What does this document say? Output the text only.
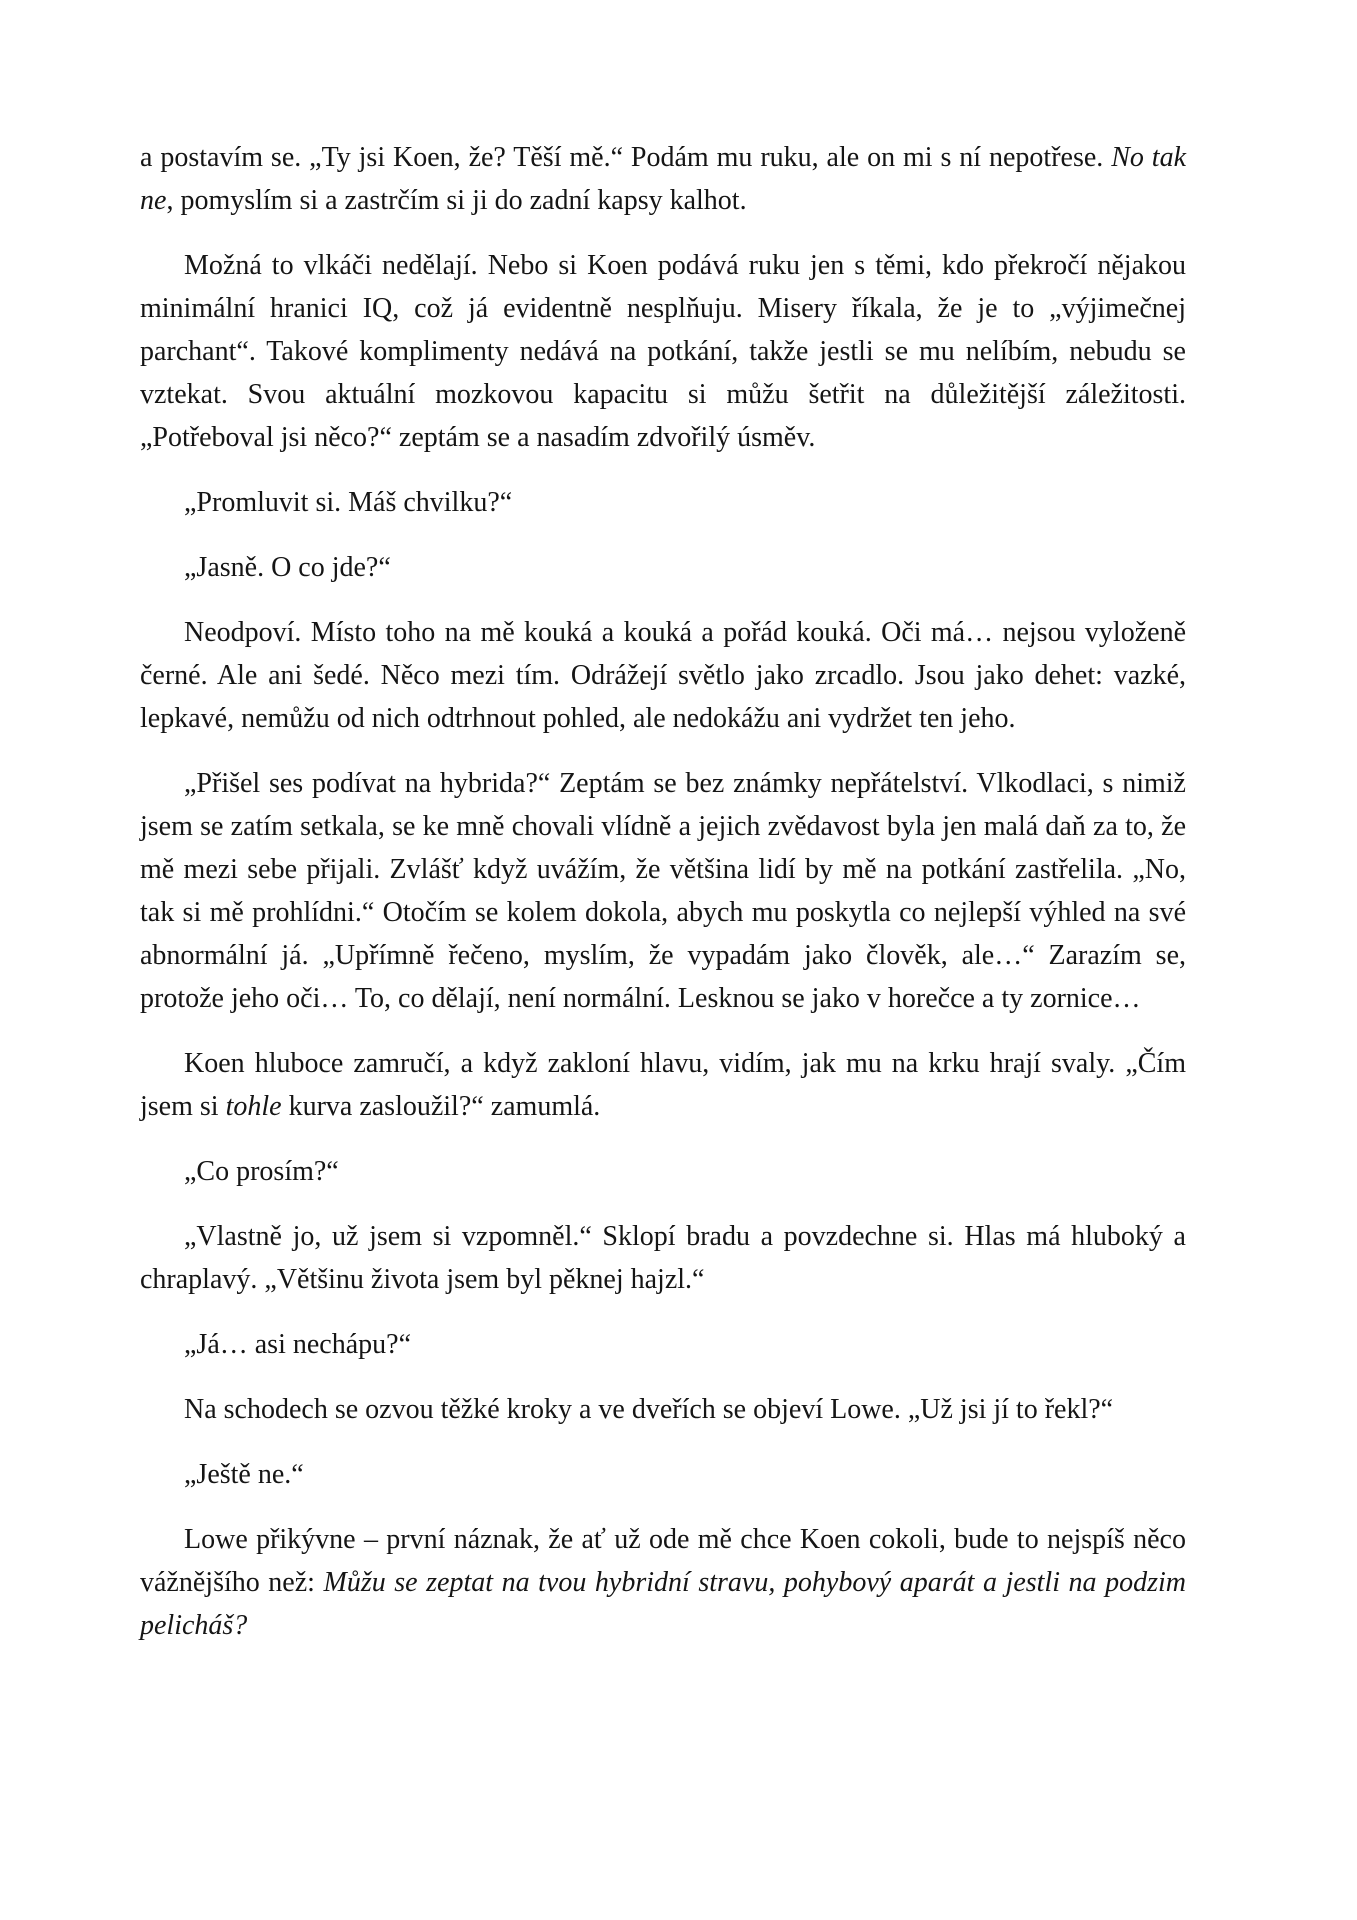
a postavím se. „Ty jsi Koen, že? Těší mě.“ Podám mu ruku, ale on mi s ní nepotřese. No tak ne, pomyslím si a zastrčím si ji do zadní kapsy kalhot.

Možná to vlkáči nedělají. Nebo si Koen podává ruku jen s těmi, kdo překročí nějakou minimální hranici IQ, což já evidentně nesplňuju. Misery říkala, že je to „výjimečnej parchant“. Takové komplimenty nedává na potkání, takže jestli se mu nelíbím, nebudu se vztekat. Svou aktuální mozkovou kapacitu si můžu šetřit na důležitější záležitosti. „Potřeboval jsi něco?“ zeptám se a nasadím zdvořilý úsměv.

„Promluvit si. Máš chvilku?“

„Jasně. O co jde?“

Neodpoví. Místo toho na mě kouká a kouká a pořád kouká. Oči má… nejsou vyloženě černé. Ale ani šedé. Něco mezi tím. Odrážejí světlo jako zrcadlo. Jsou jako dehet: vazké, lepkavé, nemůžu od nich odtrhnout pohled, ale nedokážu ani vydržet ten jeho.

„Přišel ses podívat na hybrida?“ Zeptám se bez známky nepřátelství. Vlkodlaci, s nimiž jsem se zatím setkala, se ke mně chovali vlídně a jejich zvědavost byla jen malá daň za to, že mě mezi sebe přijali. Zvlášť když uvážím, že většina lidí by mě na potkání zastřelila. „No, tak si mě prohlídni.“ Otočím se kolem dokola, abych mu poskytla co nejlepší výhled na své abnormální já. „Upřímně řečeno, myslím, že vypadám jako člověk, ale…“ Zarazím se, protože jeho oči… To, co dělají, není normální. Lesknou se jako v horečce a ty zornice…

Koen hluboce zamručí, a když zakloní hlavu, vidím, jak mu na krku hrají svaly. „Čím jsem si tohle kurva zasloužil?“ zamumlá.

„Co prosím?“

„Vlastně jo, už jsem si vzpomněl.“ Sklopí bradu a povzdechne si. Hlas má hluboký a chraplavý. „Většinu života jsem byl pěknej hajzl.“

„Já… asi nechápu?“

Na schodech se ozvou těžké kroky a ve dveřích se objeví Lowe. „Už jsi jí to řekl?“

„Ještě ne.“

Lowe přikývne – první náznak, že ať už ode mě chce Koen cokoli, bude to nejspíš něco vážnějšího než: Můžu se zeptat na tvou hybridní stravu, pohybový aparát a jestli na podzim pelicháš?
